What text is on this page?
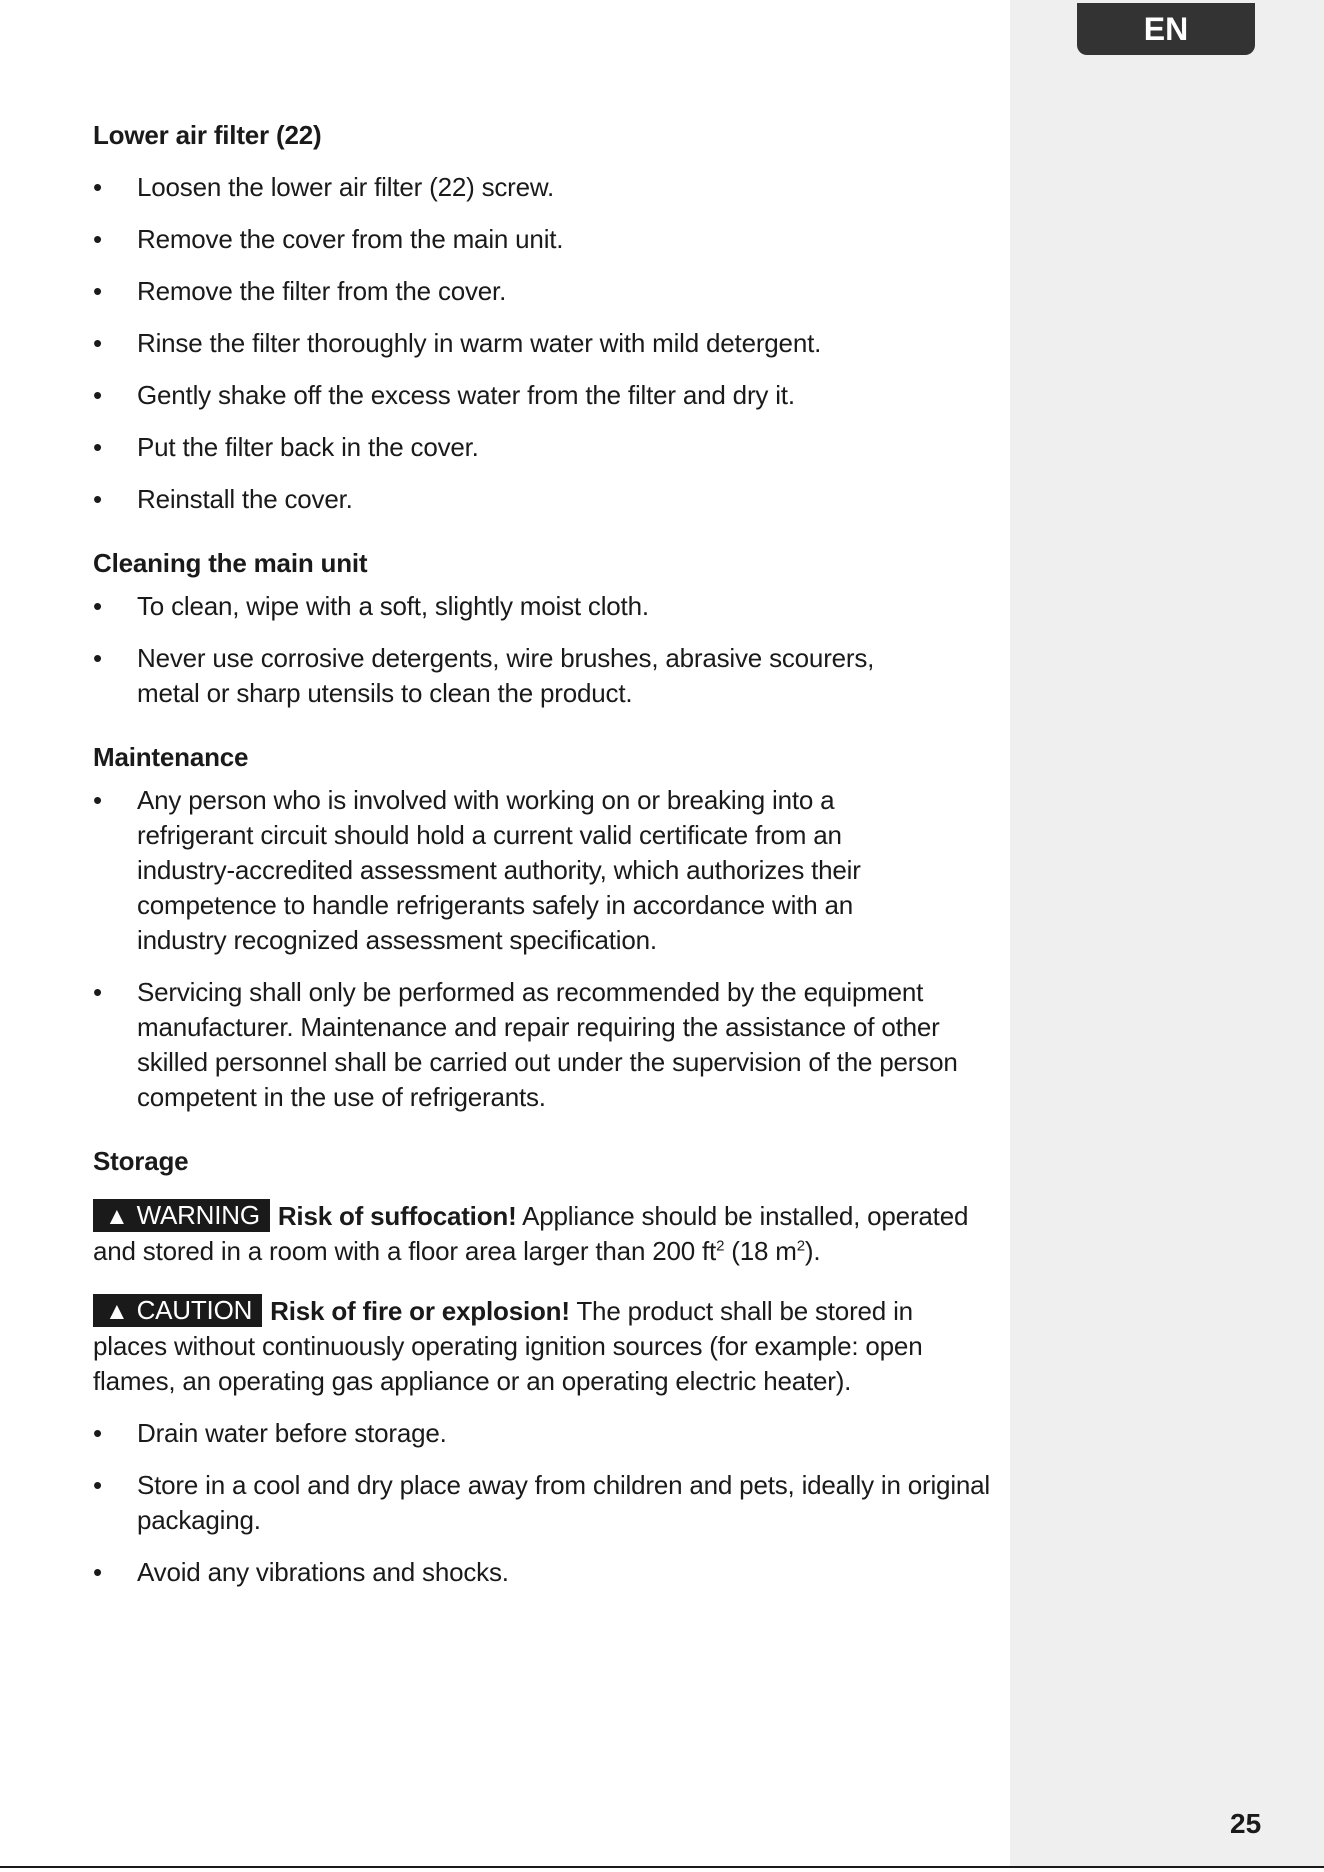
EN
25
Lower air filter (22)
• Loosen the lower air filter (22) screw.
• Remove the cover from the main unit.
• Remove the filter from the cover.
• Rinse the filter thoroughly in warm water with mild detergent.
• Gently shake off the excess water from the filter and dry it.
• Put the filter back in the cover.
• Reinstall the cover.
Cleaning the main unit
• To clean, wipe with a soft, slightly moist cloth.
• Never use corrosive detergents, wire brushes, abrasive scourers, metal or sharp utensils to clean the product.
Maintenance
• Any person who is involved with working on or breaking into a refrigerant circuit should hold a current valid certificate from an industry-accredited assessment authority, which authorizes their competence to handle refrigerants safely in accordance with an industry recognized assessment specification.
• Servicing shall only be performed as recommended by the equipment manufacturer. Maintenance and repair requiring the assistance of other skilled personnel shall be carried out under the supervision of the person competent in the use of refrigerants.
Storage

▲ WARNING Risk of suffocation! Appliance should be installed, operated and stored in a room with a floor area larger than 200 $ft^2$ (18 $m^2$).

▲ CAUTION Risk of fire or explosion! The product shall be stored in places without continuously operating ignition sources (for example: open flames, an operating gas appliance or an operating electric heater).

• Drain water before storage.
• Store in a cool and dry place away from children and pets, ideally in original packaging.
• Avoid any vibrations and shocks.
